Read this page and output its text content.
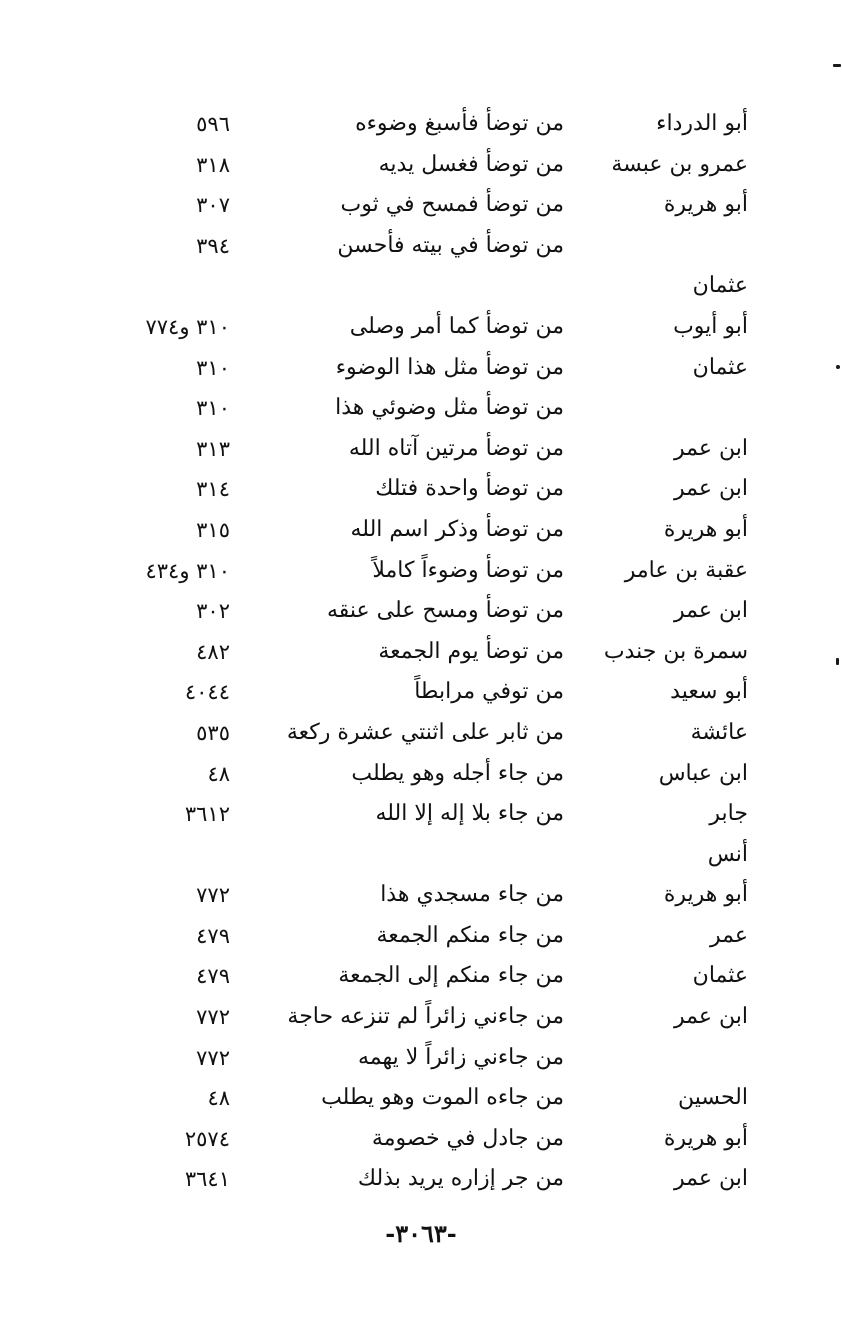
أبو الدرداء
من توضأ فأسبغ وضوءه
٥٩٦
عمرو بن عبسة
من توضأ فغسل يديه
٣١٨
أبو هريرة
من توضأ فمسح في ثوب
٣٠٧
من توضأ في بيته فأحسن
٣٩٤
عثمان
أبو أيوب
من توضأ كما أمر وصلى
٣١٠ و٧٧٤
عثمان
من توضأ مثل هذا الوضوء
٣١٠
من توضأ مثل وضوئي هذا
٣١٠
ابن عمر
من توضأ مرتين آتاه الله
٣١٣
ابن عمر
من توضأ واحدة فتلك
٣١٤
أبو هريرة
من توضأ وذكر اسم الله
٣١٥
عقبة بن عامر
من توضأ وضوءاً كاملاً
٣١٠ و٤٣٤
ابن عمر
من توضأ ومسح على عنقه
٣٠٢
سمرة بن جندب
من توضأ يوم الجمعة
٤٨٢
أبو سعيد
من توفي مرابطاً
٤٠٤٤
عائشة
من ثابر على اثنتي عشرة ركعة
٥٣٥
ابن عباس
من جاء أجله وهو يطلب
٤٨
جابر
من جاء بلا إله إلا الله
٣٦١٢
أنس
أبو هريرة
من جاء مسجدي هذا
٧٧٢
عمر
من جاء منكم الجمعة
٤٧٩
عثمان
من جاء منكم إلى الجمعة
٤٧٩
ابن عمر
من جاءني زائراً لم تنزعه حاجة
٧٧٢
من جاءني زائراً لا يهمه
٧٧٢
الحسين
من جاءه الموت وهو يطلب
٤٨
أبو هريرة
من جادل في خصومة
٢٥٧٤
ابن عمر
من جر إزاره يريد بذلك
٣٦٤١
-٣٠٦٣-
